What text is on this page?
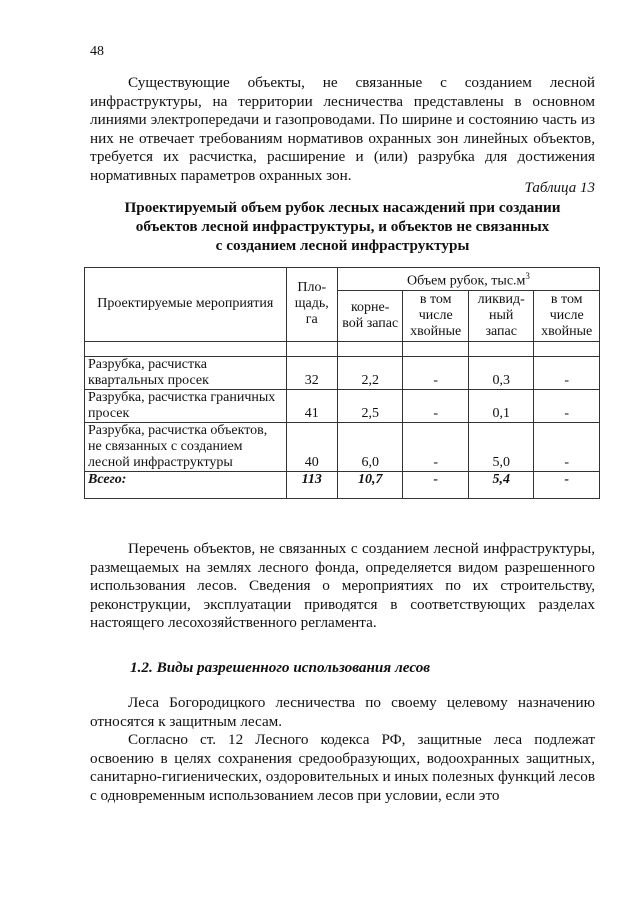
48

Существующие объекты, не связанные с созданием лесной инфраструктуры, на территории лесничества представлены в основном линиями электропередачи и газопроводами. По ширине и состоянию часть из них не отвечает требованиям нормативов охранных зон линейных объектов, требуется их расчистка, расширение и (или) разрубка для достижения нормативных параметров охранных зон.

Таблица 13
Проектируемый объем рубок лесных насаждений при создании
объектов лесной инфраструктуры, и объектов не связанных
с созданием лесной инфраструктуры
Проектируемые мероприятия	Пло-щадь, га	Объем рубок, $тыс.м^3$
		корне-вой запас	в том числе хвойные	ликвид-ный запас	в том числе хвойные

Разрубка, расчистка квартальных просек	32	2,2	-	0,3	-
Разрубка, расчистка граничных просек	41	2,5	-	0,1	-
Разрубка, расчистка объектов, не связанных с созданием лесной инфраструктуры	40	6,0	-	5,0	-
Всего:	113	10,7	-	5,4	-

Перечень объектов, не связанных с созданием лесной инфраструктуры, размещаемых на землях лесного фонда, определяется видом разрешенного использования лесов. Сведения о мероприятиях по их строительству, реконструкции, эксплуатации приводятся в соответствующих разделах настоящего лесохозяйственного регламента.

1.2. Виды разрешенного использования лесов

Леса Богородицкого лесничества по своему целевому назначению относятся к защитным лесам.

Согласно ст. 12 Лесного кодекса РФ, защитные леса подлежат освоению в целях сохранения средообразующих, водоохранных защитных, санитарно-гигиенических, оздоровительных и иных полезных функций лесов с одновременным использованием лесов при условии, если это
